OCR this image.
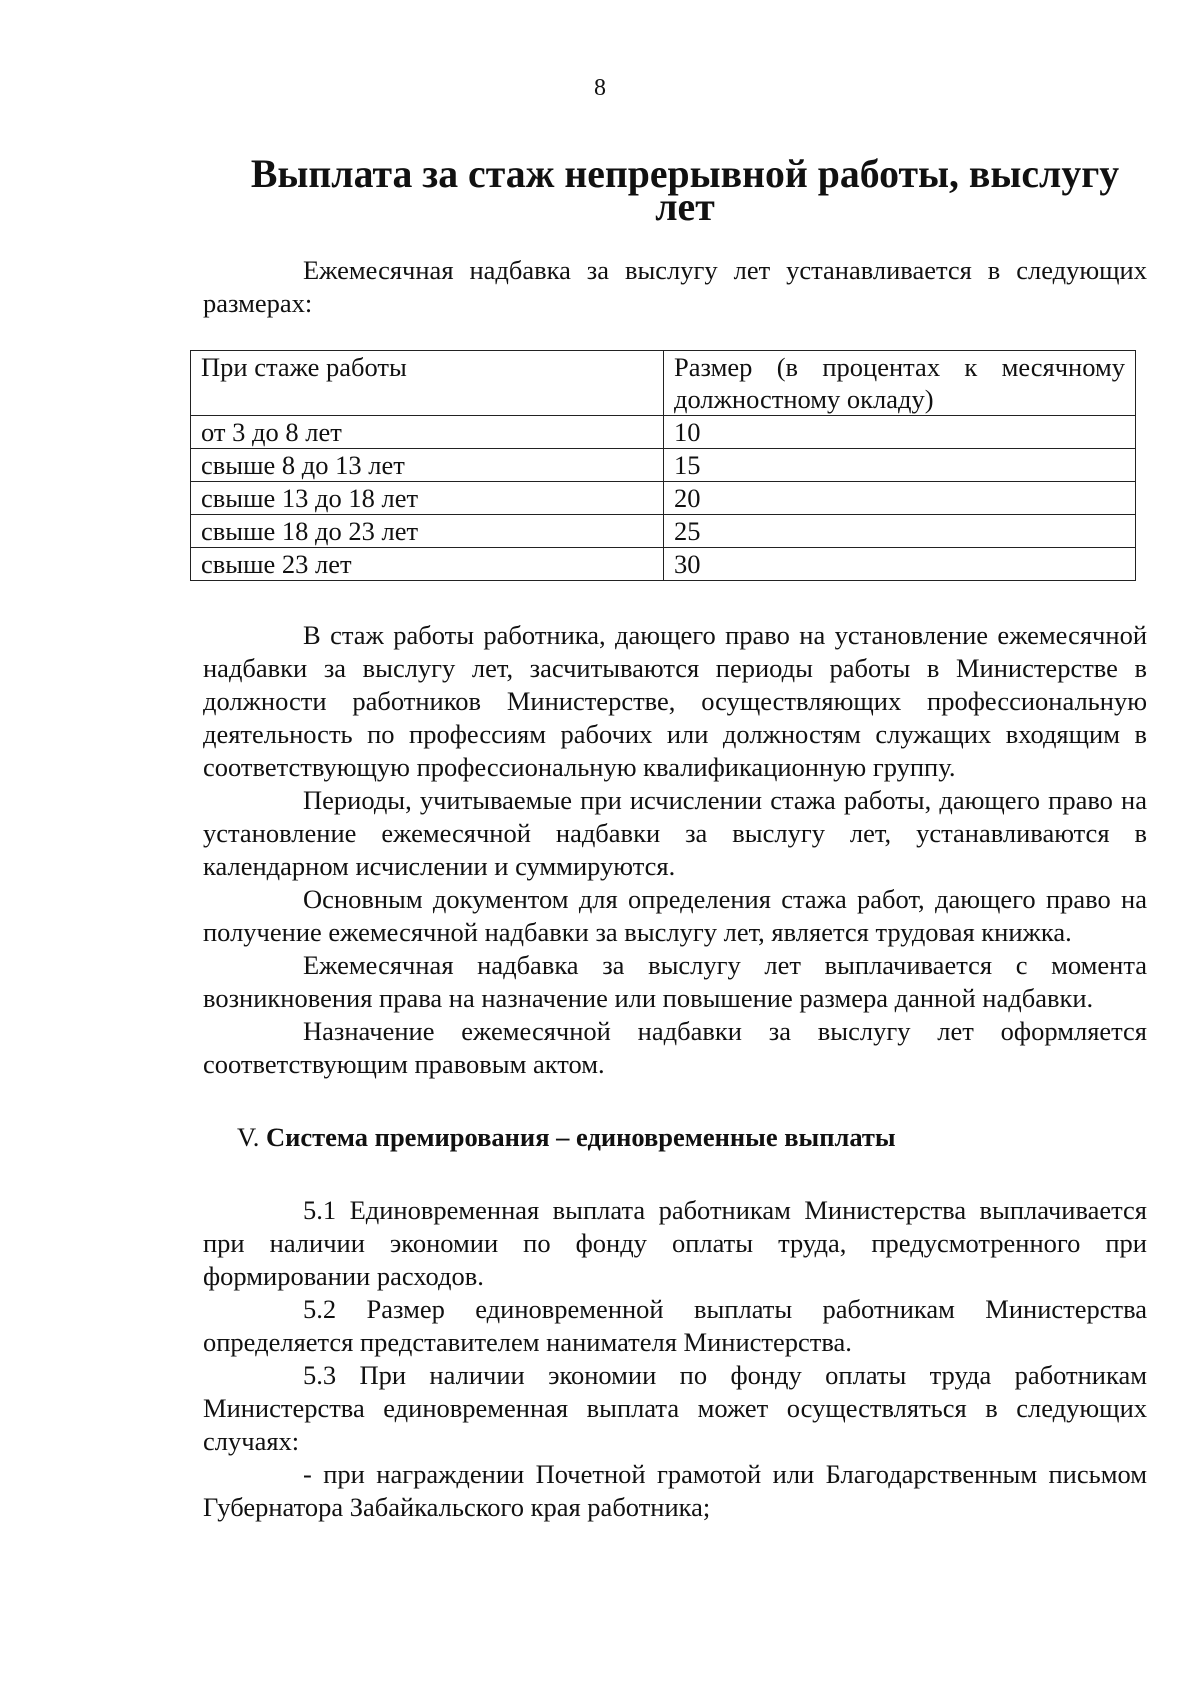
8
Выплата за стаж непрерывной работы, выслугу лет

Ежемесячная надбавка за выслугу лет устанавливается в следующих размерах:

При стаже работы	Размер (в процентах к месячному должностному окладу)
от 3 до 8 лет	10
свыше 8 до 13 лет	15
свыше 13 до 18 лет	20
свыше 18 до 23 лет	25
свыше 23 лет	30

В стаж работы работника, дающего право на установление ежемесячной надбавки за выслугу лет, засчитываются периоды работы в Министерстве в должности работников Министерстве, осуществляющих профессиональную деятельность по профессиям рабочих или должностям служащих входящим в соответствующую профессиональную квалификационную группу.

Периоды, учитываемые при исчислении стажа работы, дающего право на установление ежемесячной надбавки за выслугу лет, устанавливаются в календарном исчислении и суммируются.

Основным документом для определения стажа работ, дающего право на получение ежемесячной надбавки за выслугу лет, является трудовая книжка.

Ежемесячная надбавка за выслугу лет выплачивается с момента возникновения права на назначение или повышение размера данной надбавки.

Назначение ежемесячной надбавки за выслугу лет оформляется соответствующим правовым актом.

V. Система премирования – единовременные выплаты

5.1 Единовременная выплата работникам Министерства выплачивается при наличии экономии по фонду оплаты труда, предусмотренного при формировании расходов.

5.2 Размер единовременной выплаты работникам Министерства определяется представителем нанимателя Министерства.

5.3 При наличии экономии по фонду оплаты труда работникам Министерства единовременная выплата может осуществляться в следующих случаях:

- при награждении Почетной грамотой или Благодарственным письмом Губернатора Забайкальского края работника;
